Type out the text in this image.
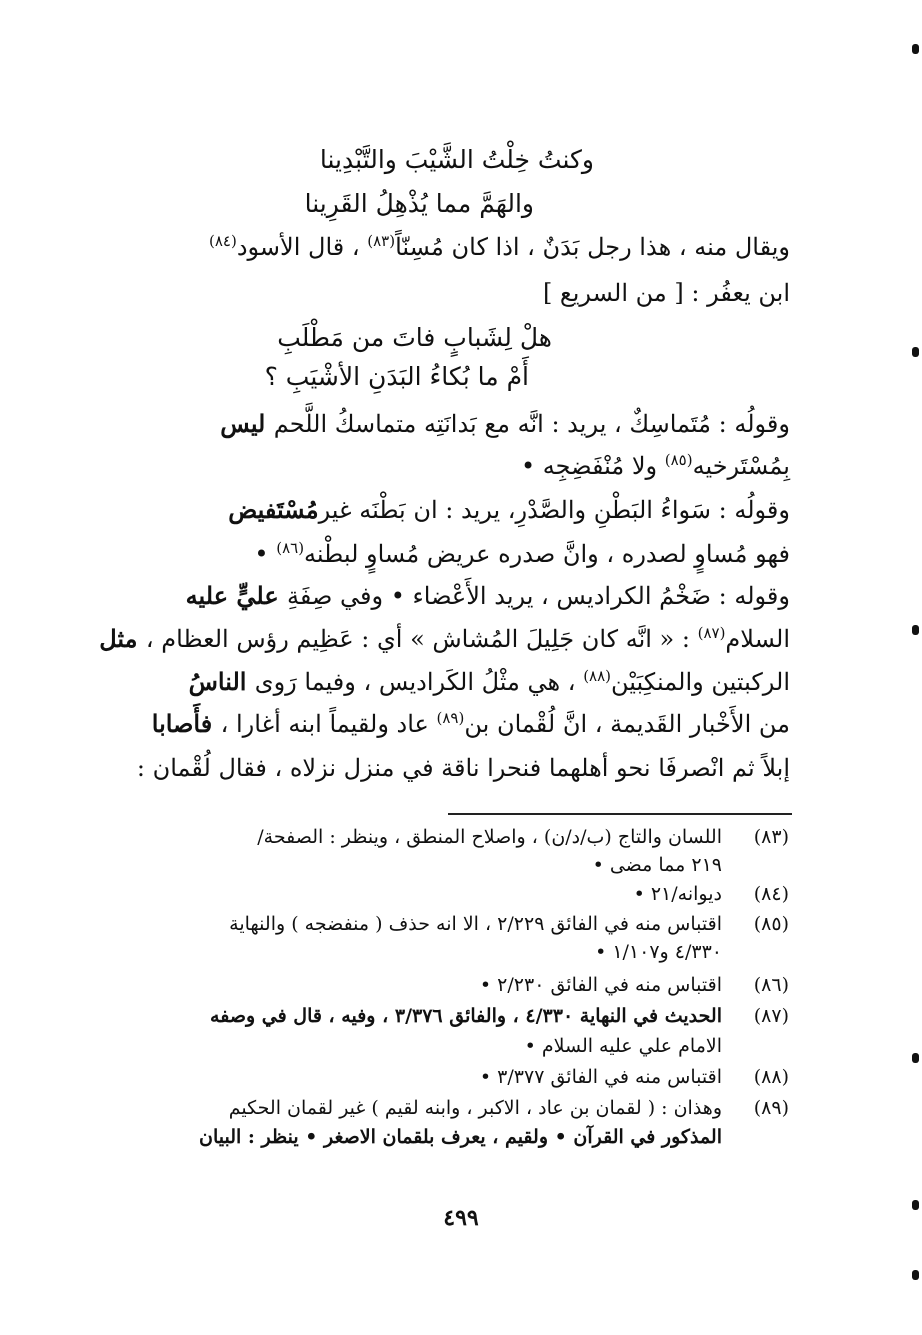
وكنتُ خِلْتُ الشَّيْبَ والتَّبْدِينا
والهَمَّ مما يُذْهِلُ القَرِينا
ويقال منه ، هذا رجل بَدَنٌ ، اذا كان مُسِنّاً$^{(٨٣)}$ ، قال الأسود$^{(٨٤)}$
ابن يعفُر : [ من السريع ]
هلْ لِشَبابٍ فاتَ من مَطْلَبِ
أَمْ ما بُكاءُ البَدَنِ الأشْيَبِ ؟
وقولُه : مُتَماسِكٌ ، يريد : انَّه مع بَدانَتِه متماسكُ اللَّحم ليس
بِمُسْتَرخيه$^{(٨٥)}$ ولا مُنْفَضِجِه •
وقولُه : سَواءُ البَطْنِ والصَّدْرِ، يريد : ان بَطْنَه غيرمُسْتَفيض
فهو مُساوٍ لصدره ، وانَّ صدره عريض مُساوٍ لبطْنه$^{(٨٦)}$ •
وقوله : ضَخْمُ الكراديس ، يريد الأَعْضاء • وفي صِفَةِ عليٍّ عليه
السلام$^{(٨٧)}$ : « انَّه كان جَلِيلَ المُشاش » أي : عَظِيم رؤس العظام ، مثل
الركبتين والمنكِبَيْن$^{(٨٨)}$ ، هي مثْلُ الكَراديس ، وفيما رَوى الناسُ
من الأَخْبار القَديمة ، انَّ لُقْمان بن$^{(٨٩)}$ عاد ولقيماً ابنه أغارا ، فأَصابا
إبلاً ثم انْصرفَا نحو أهلهما فنحرا ناقة في منزل نزلاه ، فقال لُقْمان :
(٨٣)
اللسان والتاج (ب/د/ن) ، واصلاح المنطق ، وينظر : الصفحة/
٢١٩ مما مضى •
(٨٤)
ديوانه/٢١ •
(٨٥)
اقتباس منه في الفائق ٢/٢٢٩ ، الا انه حذف ( منفضجه ) والنهاية
٤/٣٣٠ و١/١٠٧ •
(٨٦)
اقتباس منه في الفائق ٢/٢٣٠ •
(٨٧)
الحديث في النهاية ٤/٣٣٠ ، والفائق ٣/٣٧٦ ، وفيه ، قال في وصفه
الامام علي عليه السلام •
(٨٨)
اقتباس منه في الفائق ٣/٣٧٧ •
(٨٩)
وهذان : ( لقمان بن عاد ، الاكبر ، وابنه لقيم ) غير لقمان الحكيم
المذكور في القرآن • ولقيم ، يعرف بلقمان الاصغر • ينظر : البيان
٤٩٩
